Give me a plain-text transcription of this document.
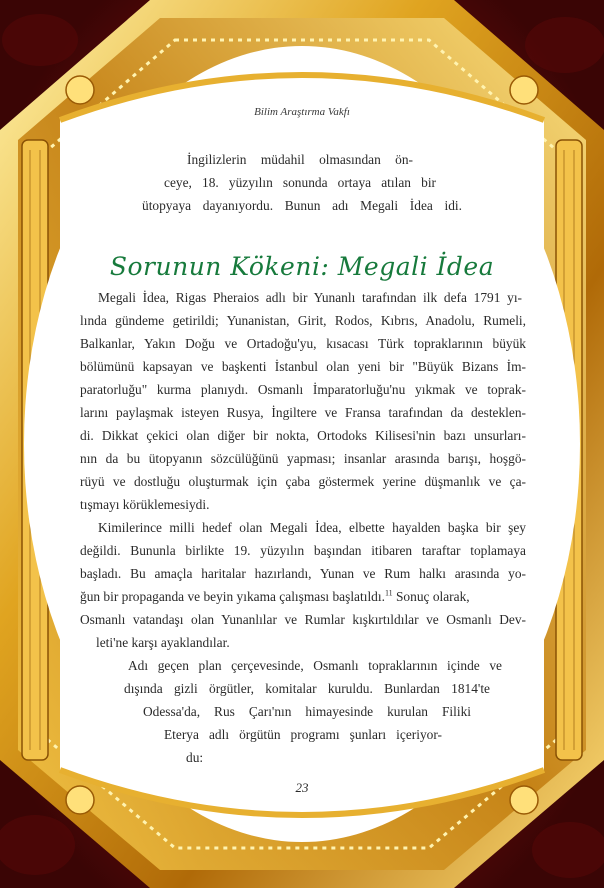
Bilim Araştırma Vakfı
İngilizlerin müdahil olmasından ön-
ceye, 18. yüzyılın sonunda ortaya atılan bir
ütopyaya dayanıyordu. Bunun adı Megali İdea idi.
Sorunun Kökeni: Megali İdea
Megali İdea, Rigas Pheraios adlı bir Yunanlı tarafından ilk defa 1791 yı-
lında gündeme getirildi; Yunanistan, Girit, Rodos, Kıbrıs, Anadolu, Rumeli,
Balkanlar, Yakın Doğu ve Ortadoğu'yu, kısacası Türk topraklarının büyük
bölümünü kapsayan ve başkenti İstanbul olan yeni bir "Büyük Bizans İm-
paratorluğu" kurma planıydı. Osmanlı İmparatorluğu'nu yıkmak ve toprak-
larını paylaşmak isteyen Rusya, İngiltere ve Fransa tarafından da desteklen-
di. Dikkat çekici olan diğer bir nokta, Ortodoks Kilisesi'nin bazı unsurları-
nın da bu ütopyanın sözcülüğünü yapması; insanlar arasında barışı, hoşgö-
rüyü ve dostluğu oluşturmak için çaba göstermek yerine düşmanlık ve ça-
tışmayı körüklemesiydi.
Kimilerince milli hedef olan Megali İdea, elbette hayalden başka bir şey
değildi. Bununla birlikte 19. yüzyılın başından itibaren taraftar toplamaya
başladı. Bu amaçla haritalar hazırlandı, Yunan ve Rum halkı arasında yo-
ğun bir propaganda ve beyin yıkama çalışması başlatıldı.$^{11}$ Sonuç olarak,
Osmanlı vatandaşı olan Yunanlılar ve Rumlar kışkırtıldılar ve Osmanlı Dev-
leti'ne karşı ayaklandılar.
Adı geçen plan çerçevesinde, Osmanlı topraklarının içinde ve
dışında gizli örgütler, komitalar kuruldu. Bunlardan 1814'te
Odessa'da, Rus Çarı'nın himayesinde kurulan Filiki
Eterya adlı örgütün programı şunları içeriyor-
du:
23
